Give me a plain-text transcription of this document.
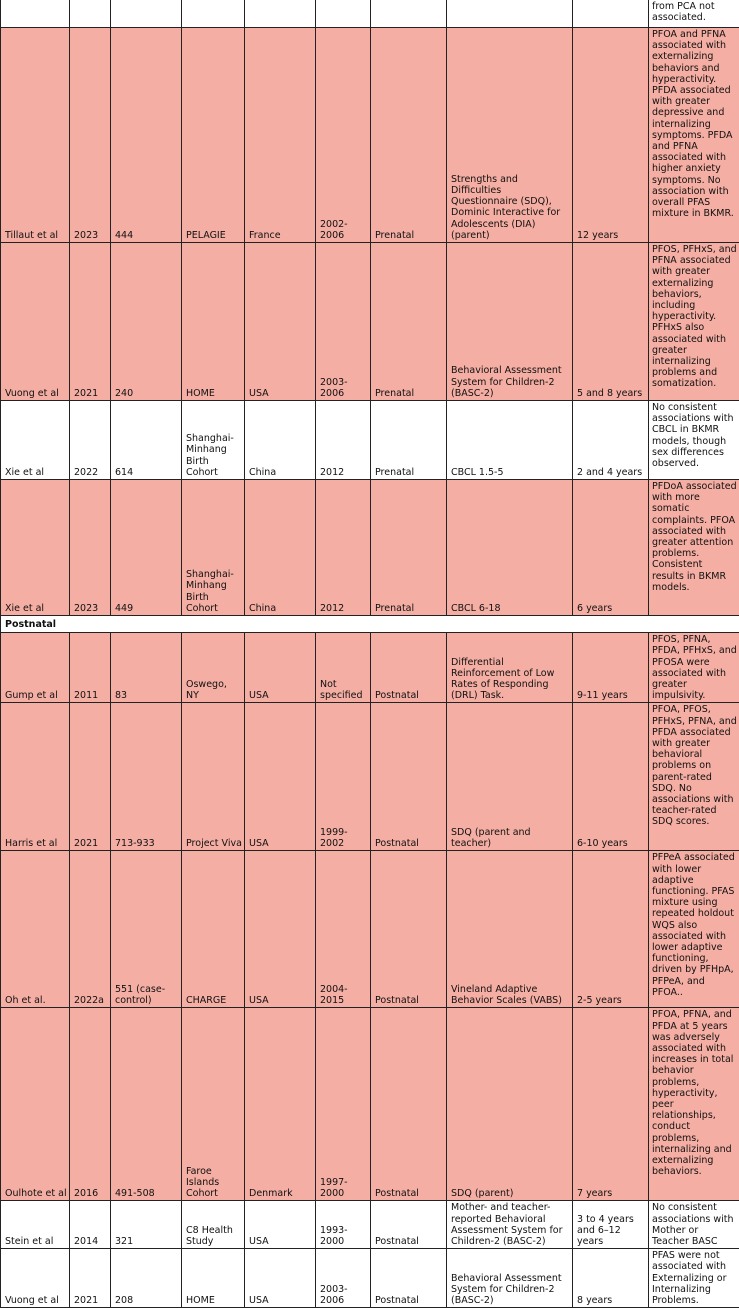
									from PCA not associated.
Tillaut et al	2023	444	PELAGIE	France	2002-2006	Prenatal	Strengths and Difficulties Questionnaire (SDQ), Dominic Interactive for Adolescents (DIA) (parent)	12 years	PFOA and PFNA associated with externalizing behaviors and hyperactivity. PFDA associated with greater depressive and internalizing symptoms. PFDA and PFNA associated with higher anxiety symptoms. No association with overall PFAS mixture in BKMR.
Vuong et al	2021	240	HOME	USA	2003-2006	Prenatal	Behavioral Assessment System for Children-2 (BASC-2)	5 and 8 years	PFOS, PFHxS, and PFNA associated with greater externalizing behaviors, including hyperactivity. PFHxS also associated with greater internalizing problems and somatization.
Xie et al	2022	614	Shanghai-Minhang Birth Cohort	China	2012	Prenatal	CBCL 1.5-5	2 and 4 years	No consistent associations with CBCL in BKMR models, though sex differences observed.
Xie et al	2023	449	Shanghai-Minhang Birth Cohort	China	2012	Prenatal	CBCL 6-18	6 years	PFDoA associated with more somatic complaints. PFOA associated with greater attention problems. Consistent results in BKMR models.
Postnatal									
Gump et al	2011	83	Oswego, NY	USA	Not specified	Postnatal	Differential Reinforcement of Low Rates of Responding (DRL) Task.	9-11 years	PFOS, PFNA, PFDA, PFHxS, and PFOSA were associated with greater impulsivity.
Harris et al	2021	713-933	Project Viva	USA	1999-2002	Postnatal	SDQ (parent and teacher)	6-10 years	PFOA, PFOS, PFHxS, PFNA, and PFDA associated with greater behavioral problems on parent-rated SDQ. No associations with teacher-rated SDQ scores.
Oh et al.	2022a	551 (case-control)	CHARGE	USA	2004-2015	Postnatal	Vineland Adaptive Behavior Scales (VABS)	2-5 years	PFPeA associated with lower adaptive functioning. PFAS mixture using repeated holdout WQS also associated with lower adaptive functioning, driven by PFHpA, PFPeA, and PFOA..
Oulhote et al	2016	491-508	Faroe Islands Cohort	Denmark	1997-2000	Postnatal	SDQ (parent)	7 years	PFOA, PFNA, and PFDA at 5 years was adversely associated with increases in total behavior problems, hyperactivity, peer relationships, conduct problems, internalizing and externalizing behaviors.
Stein et al	2014	321	C8 Health Study	USA	1993-2000	Postnatal	Mother- and teacher-reported Behavioral Assessment System for Children-2 (BASC-2)	3 to 4 years and 6–12 years	No consistent associations with Mother or Teacher BASC
Vuong et al	2021	208	HOME	USA	2003-2006	Postnatal	Behavioral Assessment System for Children-2 (BASC-2)	8 years	PFAS were not associated with Externalizing or Internalizing Problems.
